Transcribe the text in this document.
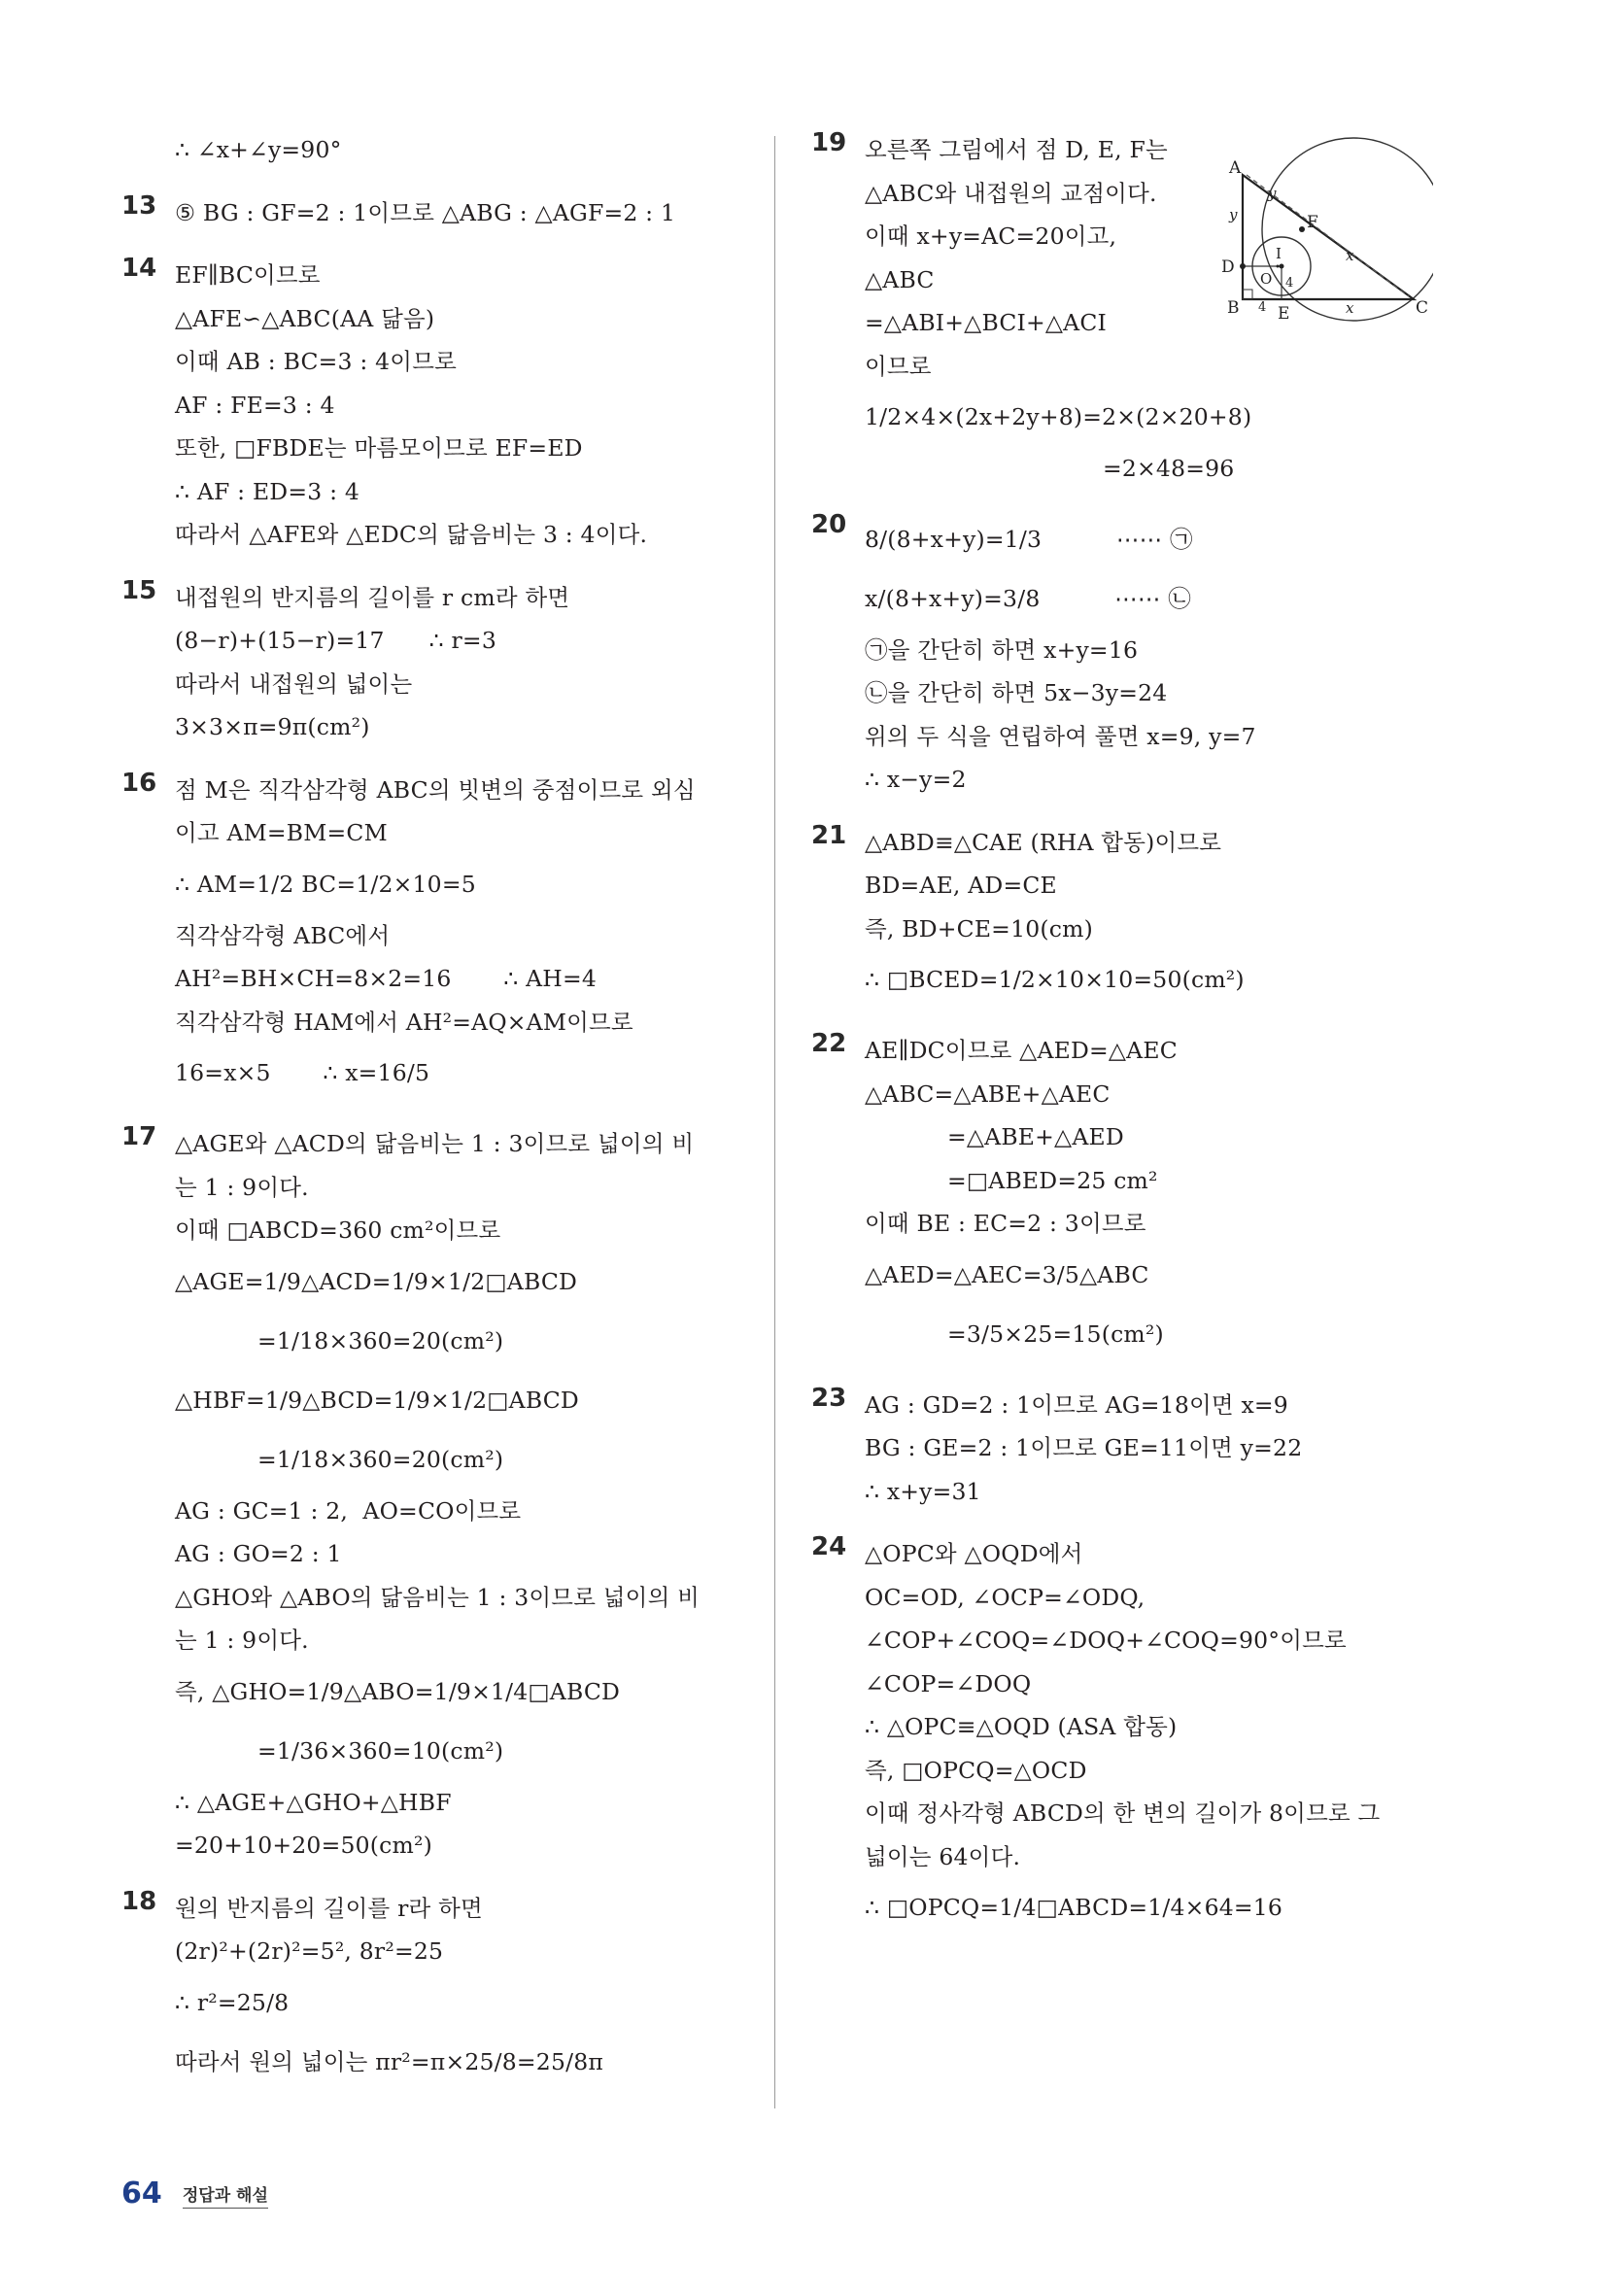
∴ ∠x+∠y=90°
13 ⑤ BG : GF=2 : 1이므로 △ABG : △AGF=2 : 1
14 EF∥BC이므로
△AFE∽△ABC(AA 닮음)
이때 AB : BC=3 : 4이므로
AF : FE=3 : 4
또한, □FBDE는 마름모이므로 EF=ED
∴ AF : ED=3 : 4
따라서 △AFE와 △EDC의 닮음비는 3 : 4이다.
15 내접원의 반지름의 길이를 r cm라 하면
(8−r)+(15−r)=17      ∴ r=3
따라서 내접원의 넓이는
3×3×π=9π(cm²)
16 점 M은 직각삼각형 ABC의 빗변의 중점이므로 외심
이고 AM=BM=CM
∴ AM=1/2 BC=1/2×10=5
직각삼각형 ABC에서
AH²=BH×CH=8×2=16       ∴ AH=4
직각삼각형 HAM에서 AH²=AQ×AM이므로
16=x×5       ∴ x=16/5
17 △AGE와 △ACD의 닮음비는 1 : 3이므로 넓이의 비
는 1 : 9이다.
이때 □ABCD=360 cm²이므로
△AGE=1/9△ACD=1/9×1/2□ABCD
=1/18×360=20(cm²)
△HBF=1/9△BCD=1/9×1/2□ABCD
=1/18×360=20(cm²)
AG : GC=1 : 2,  AO=CO이므로
AG : GO=2 : 1
△GHO와 △ABO의 닮음비는 1 : 3이므로 넓이의 비
는 1 : 9이다.
즉, △GHO=1/9△ABO=1/9×1/4□ABCD
=1/36×360=10(cm²)
∴ △AGE+△GHO+△HBF
=20+10+20=50(cm²)
18 원의 반지름의 길이를 r라 하면
(2r)²+(2r)²=5², 8r²=25
∴ r²=25/8
따라서 원의 넓이는 πr²=π×25/8=25/8π
19 오른쪽 그림에서 점 D, E, F는
△ABC와 내접원의 교점이다.
이때 x+y=AC=20이고,
△ABC
=△ABI+△BCI+△ACI
이므로
1/2×4×(2x+2y+8)=2×(2×20+8)
=2×48=96
20 8/(8+x+y)=1/3          ⋯⋯ ㉠
x/(8+x+y)=3/8          ⋯⋯ ㉡
㉠을 간단히 하면 x+y=16
㉡을 간단히 하면 5x−3y=24
위의 두 식을 연립하여 풀면 x=9, y=7
∴ x−y=2
21 △ABD≡△CAE (RHA 합동)이므로
BD=AE, AD=CE
즉, BD+CE=10(cm)
∴ □BCED=1/2×10×10=50(cm²)
22 AE∥DC이므로 △AED=△AEC
△ABC=△ABE+△AEC
=△ABE+△AED
=□ABED=25 cm²
이때 BE : EC=2 : 3이므로
△AED=△AEC=3/5△ABC
=3/5×25=15(cm²)
23 AG : GD=2 : 1이므로 AG=18이면 x=9
BG : GE=2 : 1이므로 GE=11이면 y=22
∴ x+y=31
24 △OPC와 △OQD에서
OC=OD, ∠OCP=∠ODQ,
∠COP+∠COQ=∠DOQ+∠COQ=90°이므로
∠COP=∠DOQ
∴ △OPC≡△OQD (ASA 합동)
즉, □OPCQ=△OCD
이때 정사각형 ABCD의 한 변의 길이가 8이므로 그
넓이는 64이다.
∴ □OPCQ=1/4□ABCD=1/4×64=16
A
B	C
D
E
F
I
O
y
y
x
x
4
4
64 정답과 해설
